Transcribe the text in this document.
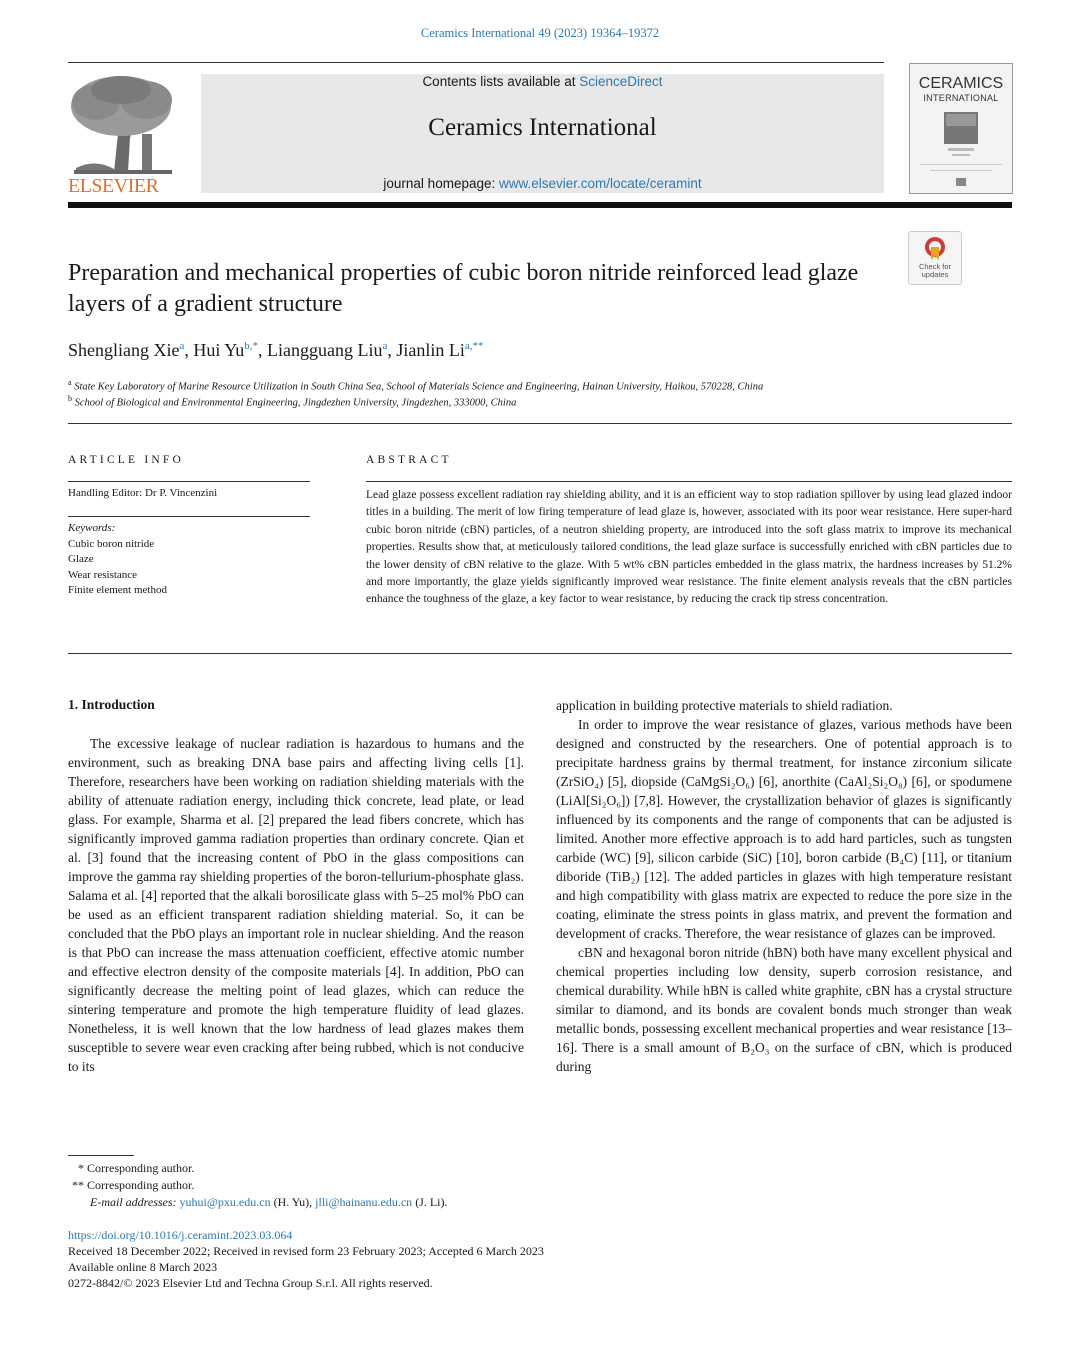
Ceramics International 49 (2023) 19364–19372
ELSEVIER
Contents lists available at ScienceDirect
Ceramics International
journal homepage: www.elsevier.com/locate/ceramint
CERAMICS
INTERNATIONAL
Check for updates
Preparation and mechanical properties of cubic boron nitride reinforced lead glaze layers of a gradient structure
Shengliang Xie$^a$, Hui $Yu^{b,*}$, Liangguang Liu$^a$, Jianlin $Li^{a,**}$
$^a$ State Key Laboratory of Marine Resource Utilization in South China Sea, School of Materials Science and Engineering, Hainan University, Haikou, 570228, China
$^b$ School of Biological and Environmental Engineering, Jingdezhen University, Jingdezhen, 333000, China
ARTICLE INFO	ABSTRACT
Handling Editor: Dr P. Vincenzini
Keywords:
Cubic boron nitride
Glaze
Wear resistance
Finite element method
Lead glaze possess excellent radiation ray shielding ability, and it is an efficient way to stop radiation spillover by using lead glazed indoor titles in a building. The merit of low firing temperature of lead glaze is, however, associated with its poor wear resistance. Here super-hard cubic boron nitride (cBN) particles, of a neutron shielding property, are introduced into the soft glass matrix to improve its mechanical properties. Results show that, at meticulously tailored conditions, the lead glaze surface is successfully enriched with cBN particles due to the lower density of cBN relative to the glaze. With 5 wt% cBN particles embedded in the glass matrix, the hardness increases by 51.2% and more importantly, the glaze yields significantly improved wear resistance. The finite element analysis reveals that the cBN particles enhance the toughness of the glaze, a key factor to wear resistance, by reducing the crack tip stress concentration.
1. Introduction

The excessive leakage of nuclear radiation is hazardous to humans and the environment, such as breaking DNA base pairs and affecting living cells [1]. Therefore, researchers have been working on radiation shielding materials with the ability of attenuate radiation energy, including thick concrete, lead plate, or lead glass. For example, Sharma et al. [2] prepared the lead fibers concrete, which has significantly improved gamma radiation properties than ordinary concrete. Qian et al. [3] found that the increasing content of PbO in the glass compositions can improve the gamma ray shielding properties of the boron-tellurium-phosphate glass. Salama et al. [4] reported that the alkali borosilicate glass with 5–25 mol% PbO can be used as an efficient transparent radiation shielding material. So, it can be concluded that the PbO plays an important role in nuclear shielding. And the reason is that PbO can increase the mass attenuation coefficient, effective atomic number and effective electron density of the composite materials [4]. In addition, PbO can significantly decrease the melting point of lead glazes, which can reduce the sintering temperature and promote the high temperature fluidity of lead glazes. Nonetheless, it is well known that the low hardness of lead glazes makes them susceptible to severe wear even cracking after being rubbed, which is not conducive to its

application in building protective materials to shield radiation.

In order to improve the wear resistance of glazes, various methods have been designed and constructed by the researchers. One of potential approach is to precipitate hardness grains by thermal treatment, for instance zirconium silicate (ZrSiO₄) [5], diopside (CaMgSi₂O₆) [6], anorthite (CaAl₂Si₂O₈) [6], or spodumene (LiAl[Si₂O₆]) [7,8]. However, the crystallization behavior of glazes is significantly influenced by its components and the range of components that can be adjusted is limited. Another more effective approach is to add hard particles, such as tungsten carbide (WC) [9], silicon carbide (SiC) [10], boron carbide (B₄C) [11], or titanium diboride (TiB₂) [12]. The added particles in glazes with high temperature resistant and high compatibility with glass matrix are expected to reduce the pore size in the coating, eliminate the stress points in glass matrix, and prevent the formation and development of cracks. Therefore, the wear resistance of glazes can be improved.

cBN and hexagonal boron nitride (hBN) both have many excellent physical and chemical properties including low density, superb corrosion resistance, and chemical durability. While hBN is called white graphite, cBN has a crystal structure similar to diamond, and its bonds are covalent bonds much stronger than weak metallic bonds, possessing excellent mechanical properties and wear resistance [13–16]. There is a small amount of B₂O₃ on the surface of cBN, which is produced during

* Corresponding author.
** Corresponding author.
E-mail addresses: yuhui@pxu.edu.cn (H. Yu), jlli@hainanu.edu.cn (J. Li).
https://doi.org/10.1016/j.ceramint.2023.03.064
Received 18 December 2022; Received in revised form 23 February 2023; Accepted 6 March 2023
Available online 8 March 2023
0272-8842/© 2023 Elsevier Ltd and Techna Group S.r.l. All rights reserved.
